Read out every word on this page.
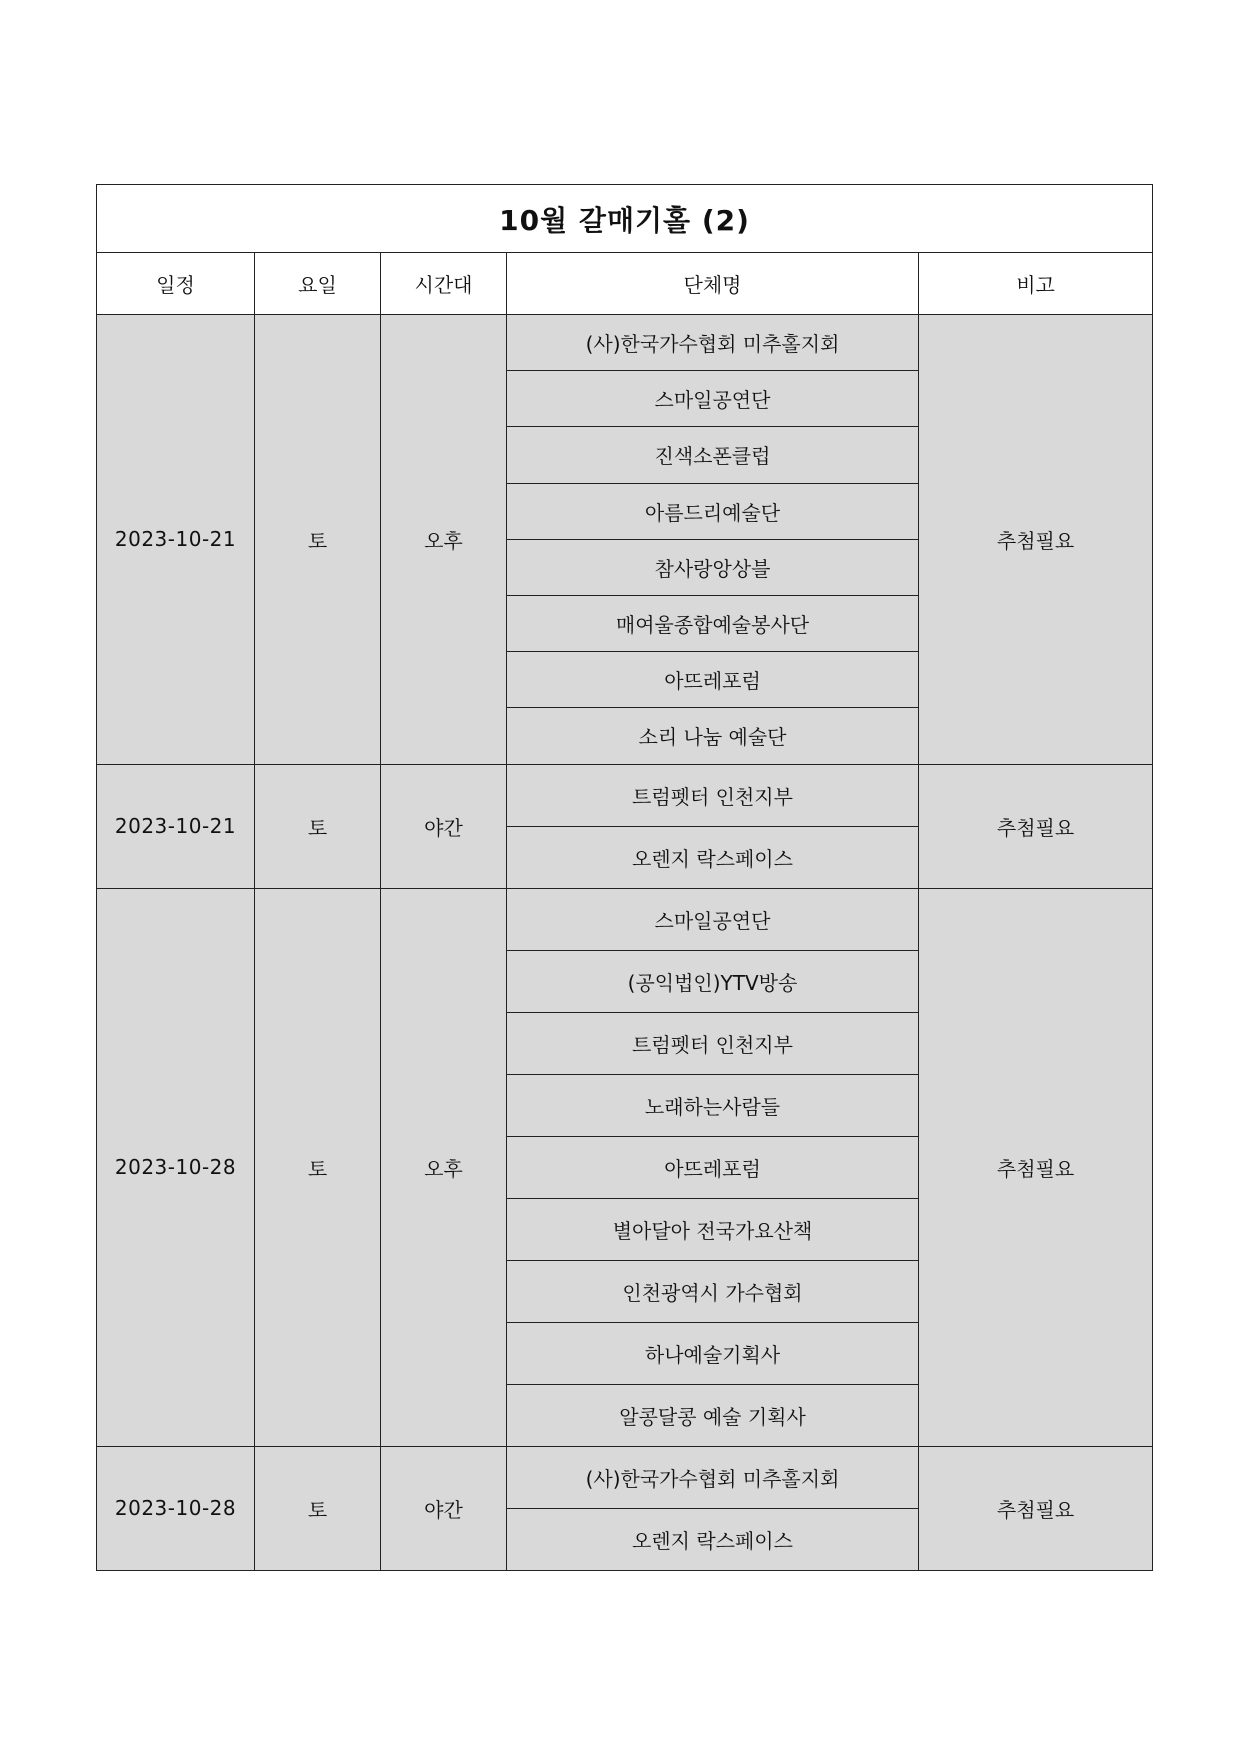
10월 갈매기홀 (2)				
일정	요일	시간대	단체명	비고
2023-10-21	토	오후	(사)한국가수협회 미추홀지회	추첨필요
			스마일공연단	
			진색소폰클럽	
			아름드리예술단	
			참사랑앙상블	
			매여울종합예술봉사단	
			아뜨레포럼	
			소리 나눔 예술단	
2023-10-21	토	야간	트럼펫터 인천지부	추첨필요
			오렌지 락스페이스	
2023-10-28	토	오후	스마일공연단	추첨필요
			(공익법인)YTV방송	
			트럼펫터 인천지부	
			노래하는사람들	
			아뜨레포럼	
			별아달아 전국가요산책	
			인천광역시 가수협회	
			하나예술기획사	
			알콩달콩 예술 기획사	
2023-10-28	토	야간	(사)한국가수협회 미추홀지회	추첨필요
			오렌지 락스페이스	
